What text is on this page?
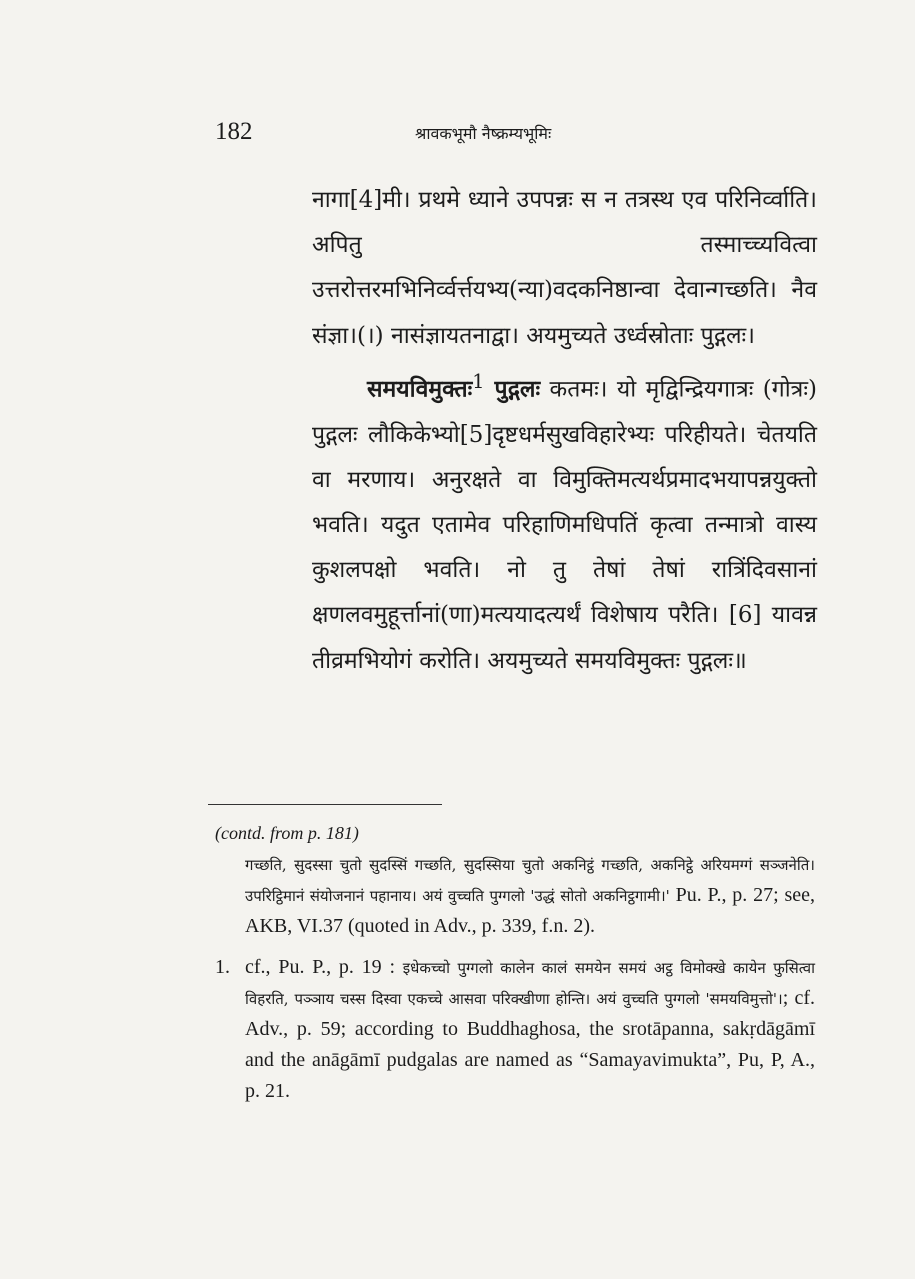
182	श्रावकभूमौ नैष्क्रम्यभूमिः

नागा[4]मी। प्रथमे ध्याने उपपन्नः स न तत्रस्थ एव परिनिर्व्वाति। अपितु तस्माच्च्यवित्वा उत्तरोत्तरमभिनिर्व्वर्त्तयभ्य(न्या)वदकनिष्ठान्वा देवान्गच्छति। नैव संज्ञा।(।) नासंज्ञायतनाद्वा। अयमुच्यते उर्ध्वस्रोताः पुद्गलः।

समयविमुक्तः$^1$ पुद्गलः कतमः। यो मृद्विन्द्रियगात्रः (गोत्रः) पुद्गलः लौकिकेभ्यो[5]दृष्टधर्मसुखविहारेभ्यः परिहीयते। चेतयति वा मरणाय। अनुरक्षते वा विमुक्तिमत्यर्थप्रमादभयापन्नयुक्तो भवति। यदुत एतामेव परिहाणिमधिपतिं कृत्वा तन्मात्रो वास्य कुशलपक्षो भवति। नो तु तेषां तेषां रात्रिंदिवसानां क्षणलवमुहूर्त्तानां(णा)मत्ययादत्यर्थं विशेषाय परैति। [6] यावन्न तीव्रमभियोगं करोति। अयमुच्यते समयविमुक्तः पुद्गलः॥

(contd. from p. 181)

गच्छति, सुदस्सा चुतो सुदस्सिं गच्छति, सुदस्सिया चुतो अकनिट्ठं गच्छति, अकनिट्ठे अरियमग्गं सञ्जनेति। उपरिट्ठिमानं संयोजनानं पहानाय। अयं वुच्चति पुग्गलो 'उद्धं सोतो अकनिट्ठगामी।' Pu. P., p. 27; see, AKB, VI.37 (quoted in Adv., p. 339, f.n. 2).

1. cf., Pu. P., p. 19 : इधेकच्चो पुग्गलो कालेन कालं समयेन समयं अट्ठ विमोक्खे कायेन फुसित्वा विहरति, पञ्ञाय चस्स दिस्वा एकच्चे आसवा परिक्खीणा होन्ति। अयं वुच्चति पुग्गलो 'समयविमुत्तो'।; cf. Adv., p. 59; according to Buddhaghosa, the srotāpanna, sakṛdāgāmī and the anāgāmī pudgalas are named as “Samayavimukta”, Pu, P, A., p. 21.
